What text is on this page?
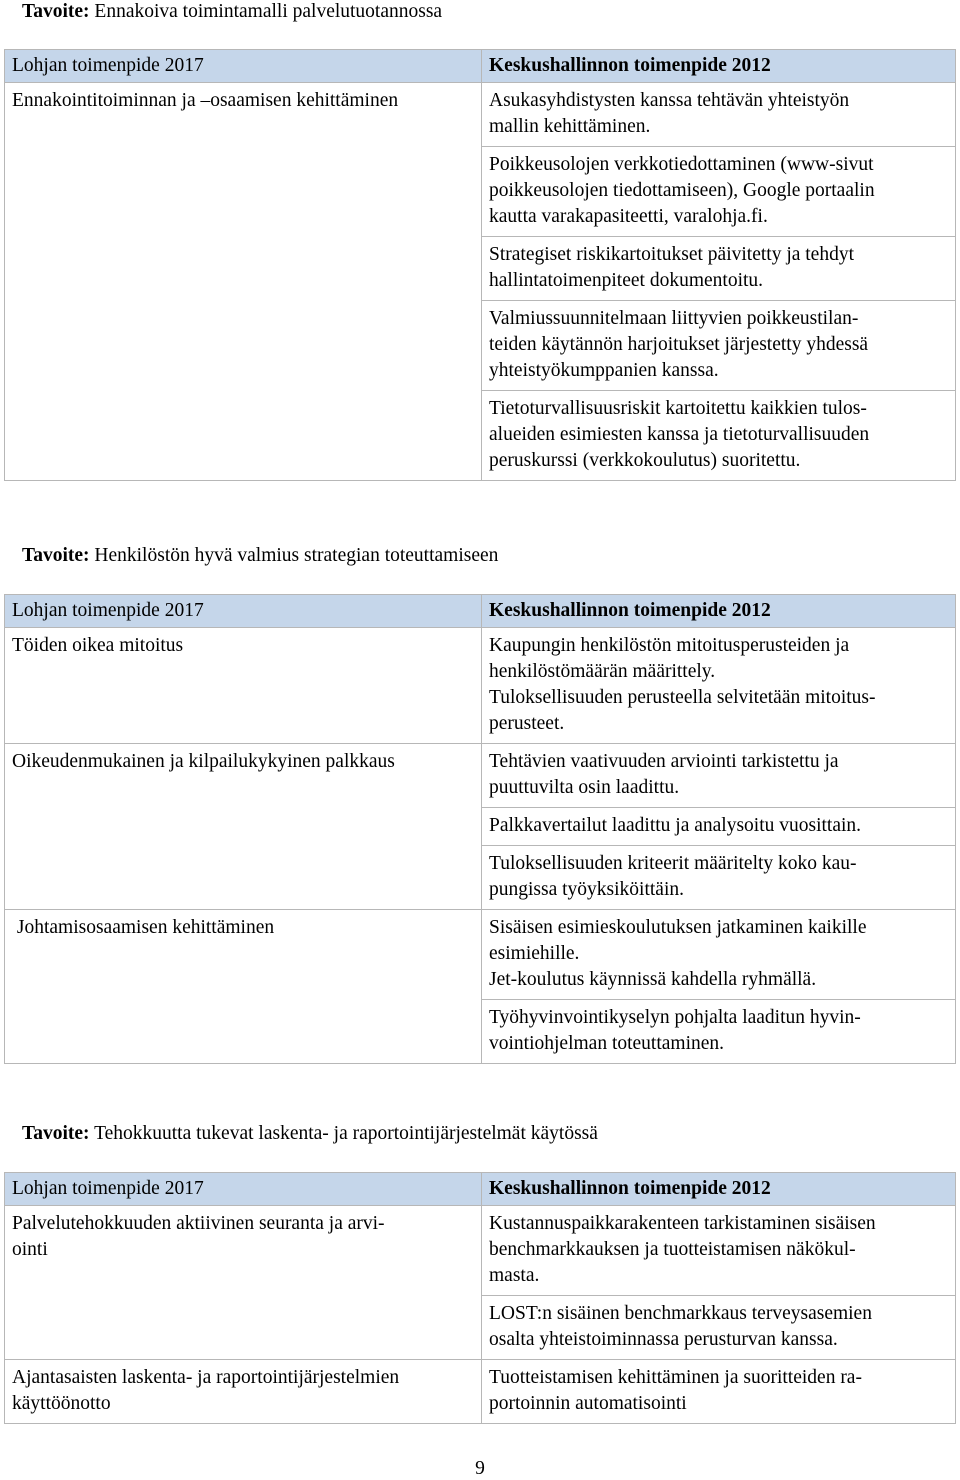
Tavoite: Ennakoiva toimintamalli palvelutuotannossa
Lohjan toimenpide 2017	Keskushallinnon toimenpide 2012

Ennakointitoiminnan ja –osaamisen kehittäminen	Asukasyhdistysten kanssa tehtävän yhteistyön
mallin kehittäminen.

	Poikkeusolojen verkkotiedottaminen (www-sivut
poikkeusolojen tiedottamiseen), Google portaalin
kautta varakapasiteetti, varalohja.fi.

	Strategiset riskikartoitukset päivitetty ja tehdyt
hallintatoimenpiteet dokumentoitu.

	Valmiussuunnitelmaan liittyvien poikkeustilan-
teiden käytännön harjoitukset järjestetty yhdessä
yhteistyökumppanien kanssa.

	Tietoturvallisuusriskit kartoitettu kaikkien tulos-
alueiden esimiesten kanssa ja tietoturvallisuuden
peruskurssi (verkkokoulutus) suoritettu.
Tavoite: Henkilöstön hyvä valmius strategian toteuttamiseen
Lohjan toimenpide 2017	Keskushallinnon toimenpide 2012

Töiden oikea mitoitus	Kaupungin henkilöstön mitoitusperusteiden ja
henkilöstömäärän määrittely.
Tuloksellisuuden perusteella selvitetään mitoitus-
perusteet.

Oikeudenmukainen ja kilpailukykyinen palkkaus	Tehtävien vaativuuden arviointi tarkistettu ja
puuttuvilta osin laadittu.

	Palkkavertailut laadittu ja analysoitu vuosittain.

	Tuloksellisuuden kriteerit määritelty koko kau-
pungissa työyksiköittäin.

Johtamisosaamisen kehittäminen	Sisäisen esimieskoulutuksen jatkaminen kaikille
esimiehille.
Jet-koulutus käynnissä kahdella ryhmällä.

	Työhyvinvointikyselyn pohjalta laaditun hyvin-
vointiohjelman toteuttaminen.
Tavoite: Tehokkuutta tukevat laskenta- ja raportointijärjestelmät käytössä
Lohjan toimenpide 2017	Keskushallinnon toimenpide 2012

Palvelutehokkuuden aktiivinen seuranta ja arvi-
ointi	Kustannuspaikkarakenteen tarkistaminen sisäisen
benchmarkkauksen ja tuotteistamisen näkökul-
masta.

	LOST:n sisäinen benchmarkkaus terveysasemien
osalta yhteistoiminnassa perusturvan kanssa.

Ajantasaisten laskenta- ja raportointijärjestelmien
käyttöönotto	Tuotteistamisen kehittäminen ja suoritteiden ra-
portoinnin automatisointi
9
